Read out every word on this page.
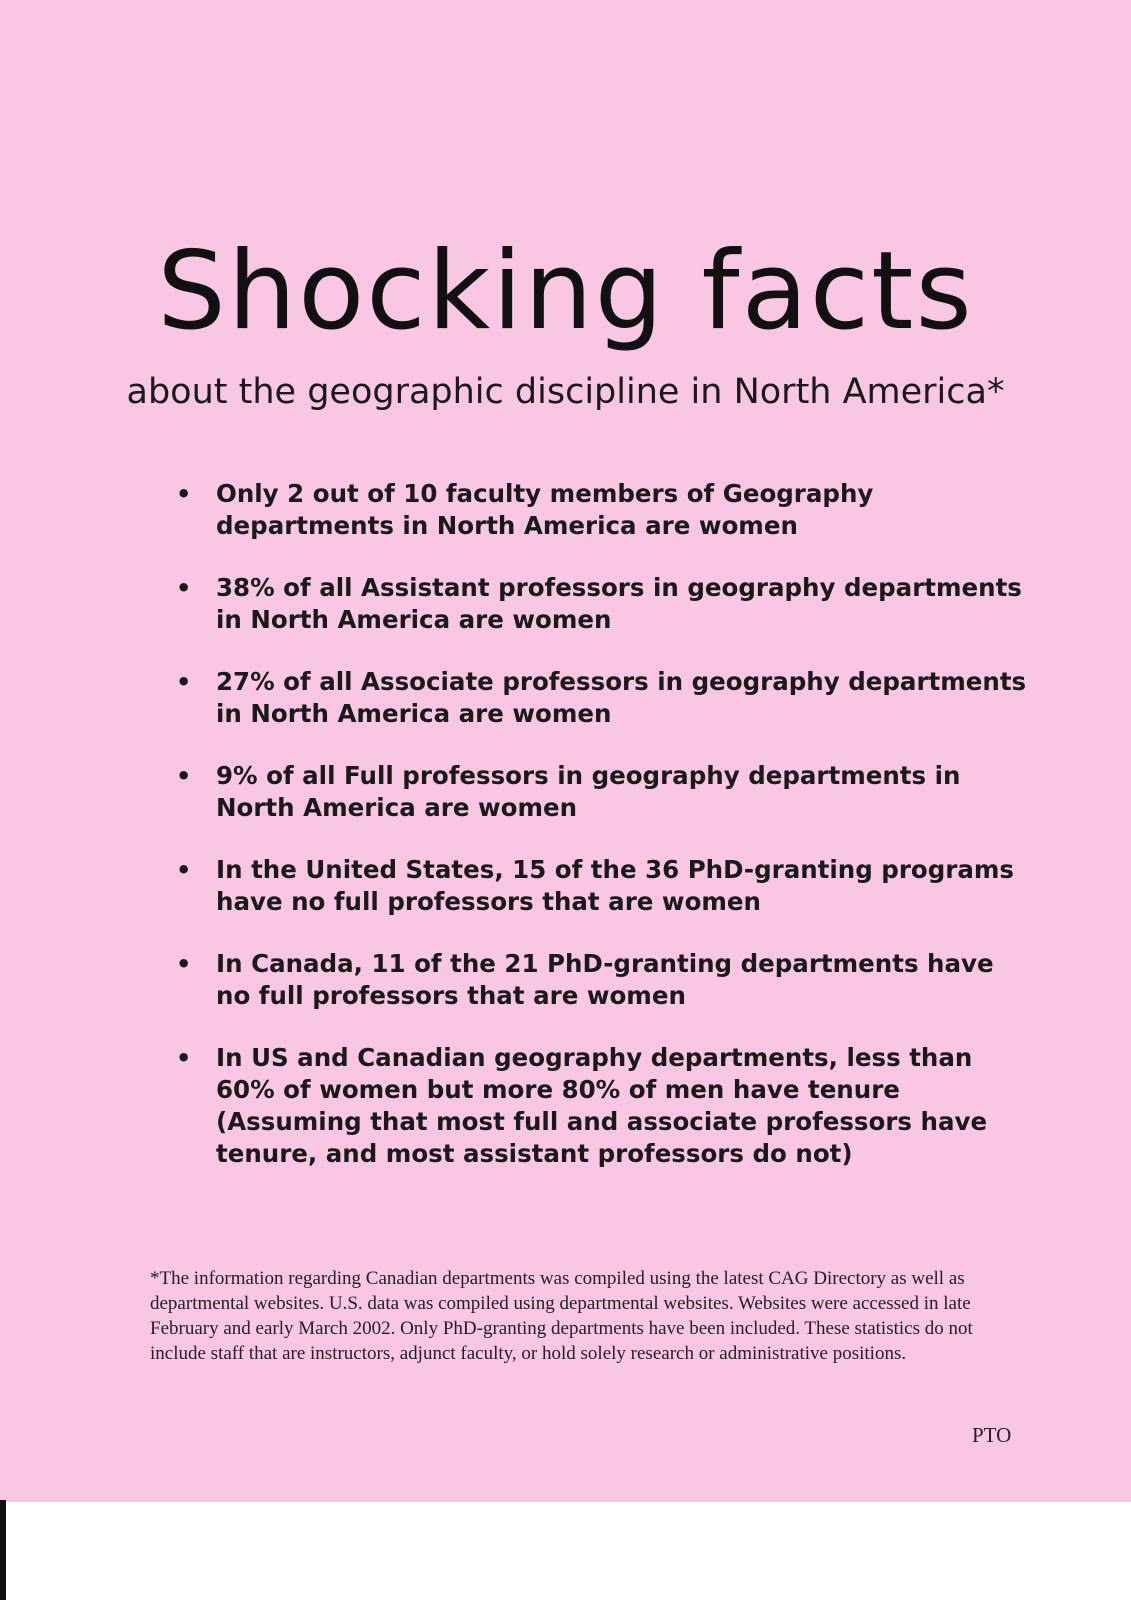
Shocking facts

about the geographic discipline in North America*

• Only 2 out of 10 faculty members of Geography departments in North America are women
• 38% of all Assistant professors in geography departments in North America are women
• 27% of all Associate professors in geography departments in North America are women
• 9% of all Full professors in geography departments in North America are women
• In the United States, 15 of the 36 PhD-granting programs have no full professors that are women
• In Canada, 11 of the 21 PhD-granting departments have no full professors that are women
• In US and Canadian geography departments, less than 60% of women but more 80% of men have tenure (Assuming that most full and associate professors have tenure, and most assistant professors do not)

*The information regarding Canadian departments was compiled using the latest CAG Directory as well as departmental websites. U.S. data was compiled using departmental websites. Websites were accessed in late February and early March 2002. Only PhD-granting departments have been included. These statistics do not include staff that are instructors, adjunct faculty, or hold solely research or administrative positions.

PTO
